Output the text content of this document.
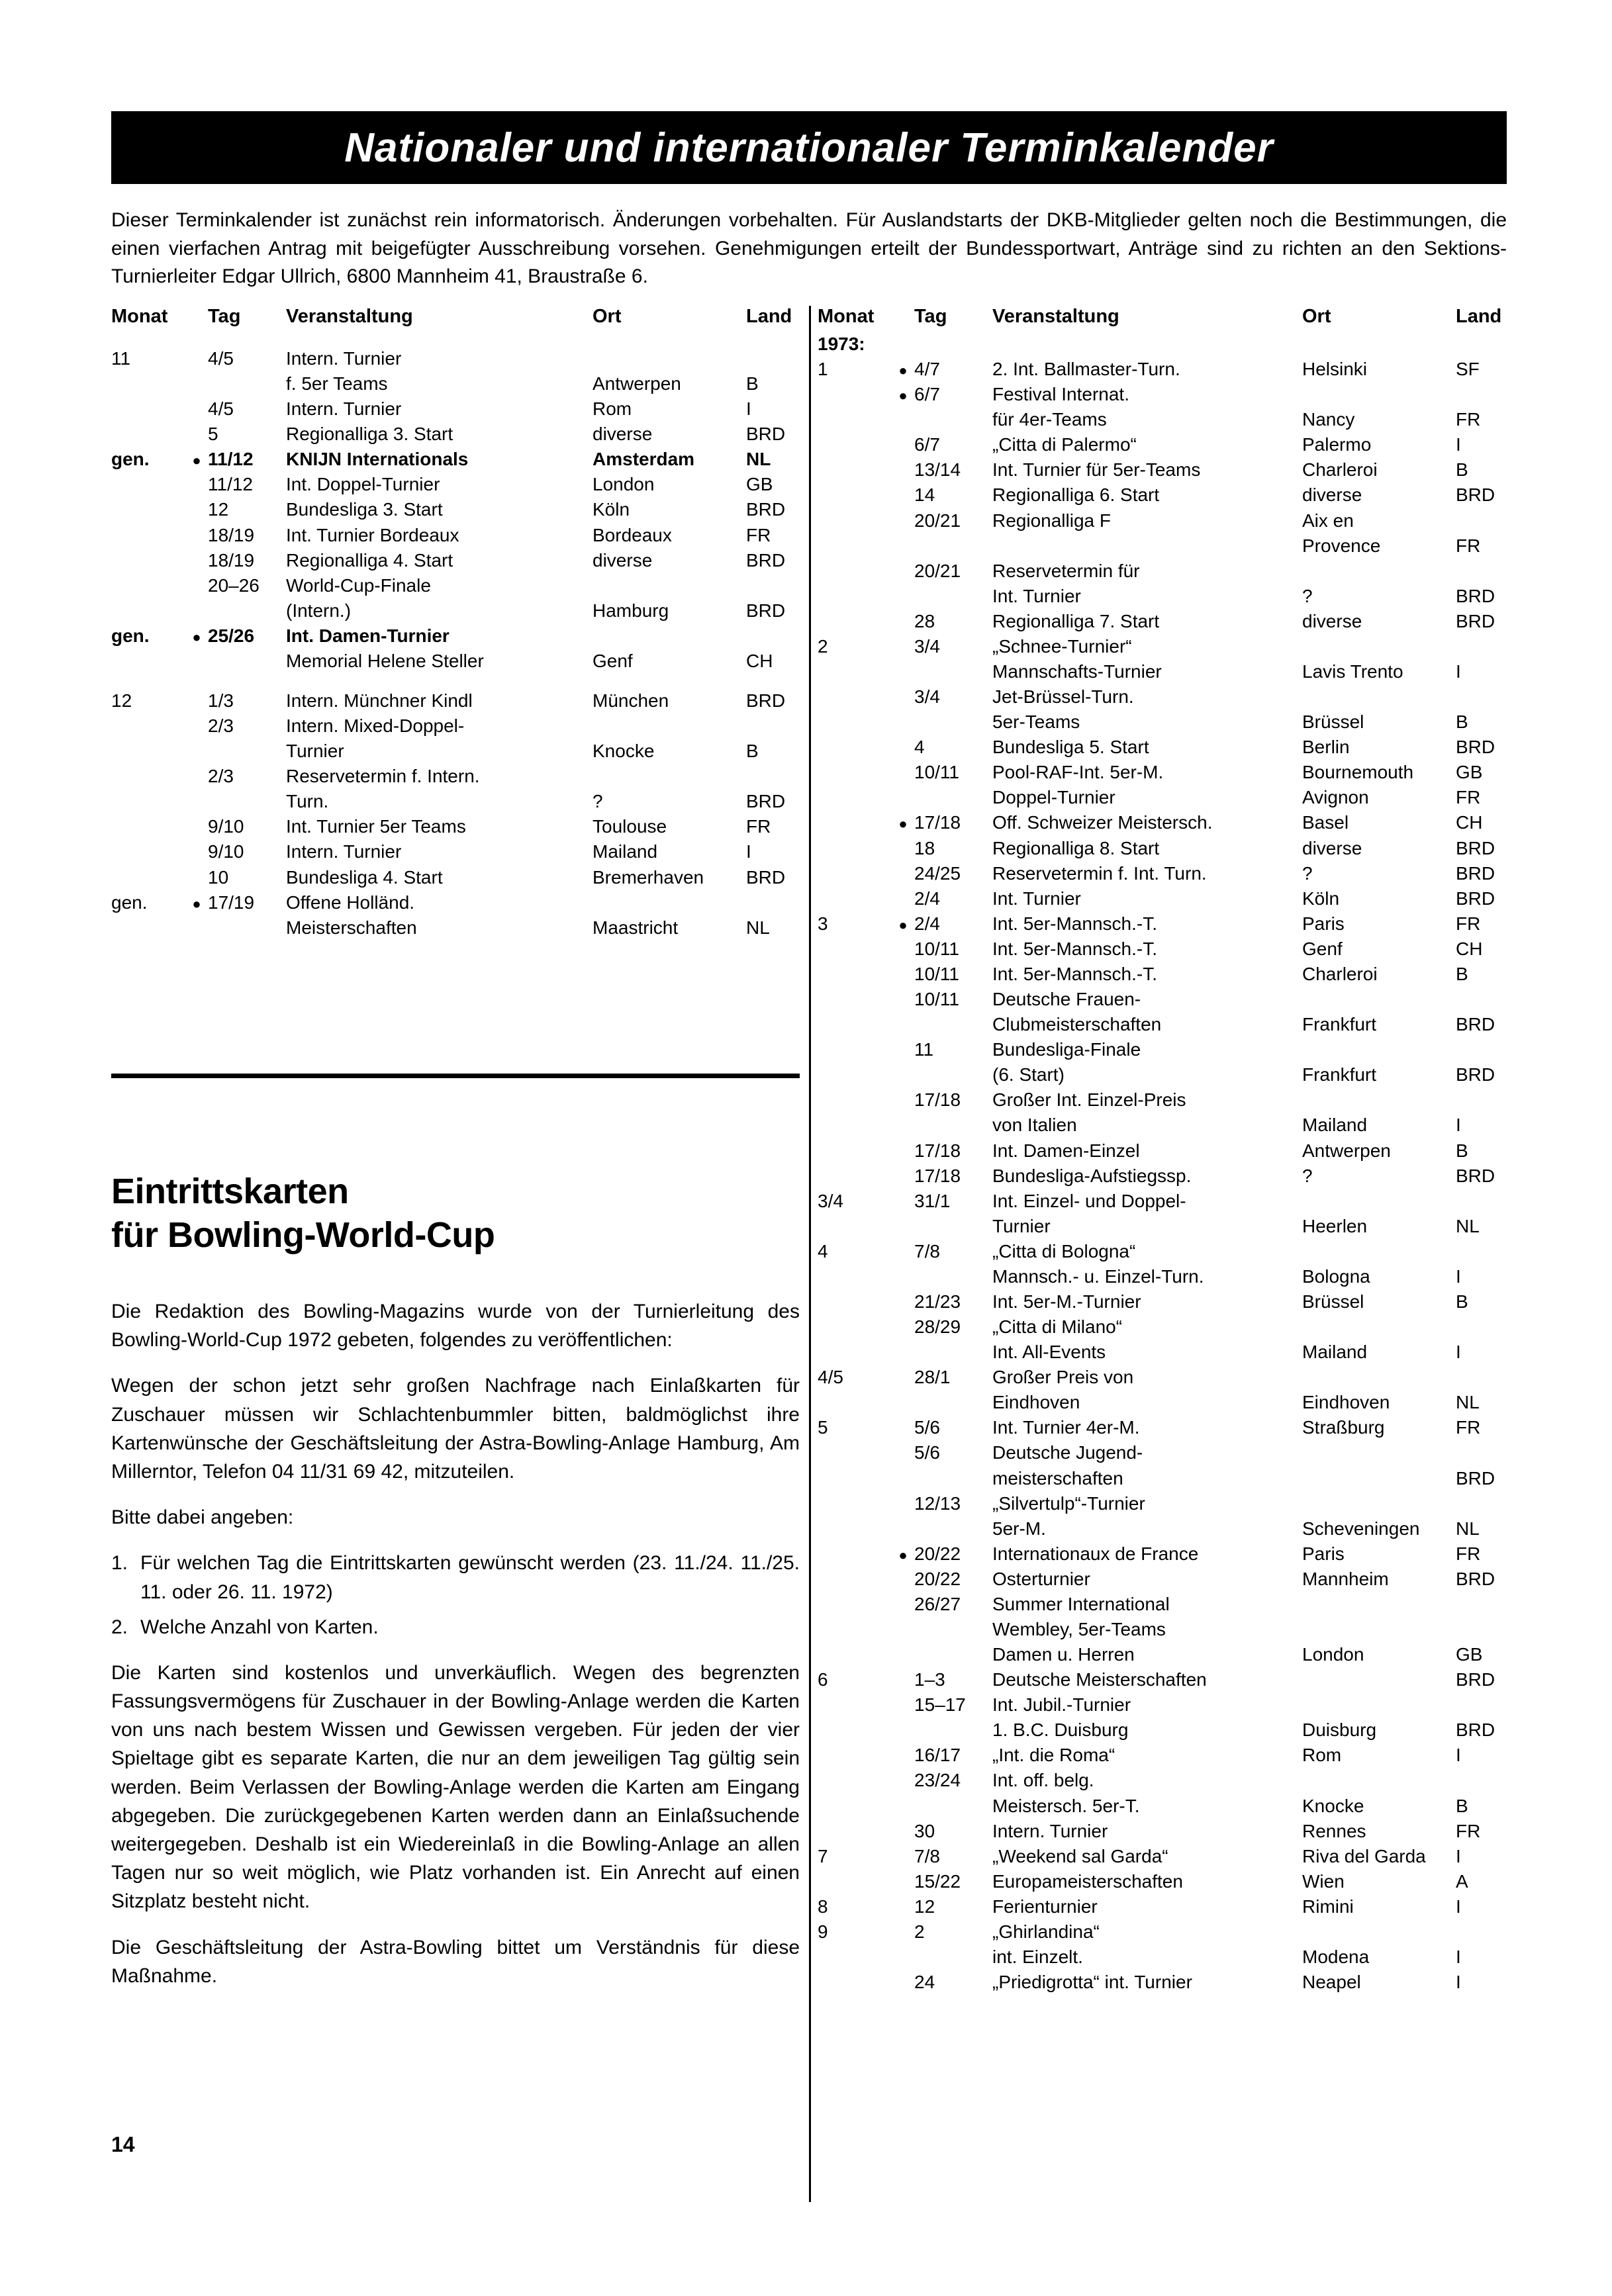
Nationaler und internationaler Terminkalender
Dieser Terminkalender ist zunächst rein informatorisch. Änderungen vorbehalten. Für Auslandstarts der DKB-Mitglieder gelten noch die Bestimmungen, die einen vierfachen Antrag mit beigefügter Ausschreibung vorsehen. Genehmigungen erteilt der Bundessportwart, Anträge sind zu richten an den Sektions-Turnierleiter Edgar Ullrich, 6800 Mannheim 41, Braustraße 6.
Monat		Tag	Veranstaltung	Ort	Land

11		4/5	Intern. Turnier		
			f. 5er Teams	Antwerpen	B
		4/5	Intern. Turnier	Rom	I
		5	Regionalliga 3. Start	diverse	BRD
gen.	●	11/12	KNIJN Internationals	Amsterdam	NL
		11/12	Int. Doppel-Turnier	London	GB
		12	Bundesliga 3. Start	Köln	BRD
		18/19	Int. Turnier Bordeaux	Bordeaux	FR
		18/19	Regionalliga 4. Start	diverse	BRD
		20–26	World-Cup-Finale		
			(Intern.)	Hamburg	BRD
gen.	●	25/26	Int. Damen-Turnier		
			Memorial Helene Steller	Genf	CH

12		1/3	Intern. Münchner Kindl	München	BRD
		2/3	Intern. Mixed-Doppel-		
			Turnier	Knocke	B
		2/3	Reservetermin f. Intern.		
			Turn.	?	BRD
		9/10	Int. Turnier 5er Teams	Toulouse	FR
		9/10	Intern. Turnier	Mailand	I
		10	Bundesliga 4. Start	Bremerhaven	BRD
gen.	●	17/19	Offene Holländ.		
			Meisterschaften	Maastricht	NL
Monat		Tag	Veranstaltung	Ort	Land
1973:					
1	●	4/7	2. Int. Ballmaster-Turn.	Helsinki	SF
	●	6/7	Festival Internat.		
			für 4er-Teams	Nancy	FR
		6/7	„Citta di Palermo“	Palermo	I
		13/14	Int. Turnier für 5er-Teams	Charleroi	B
		14	Regionalliga 6. Start	diverse	BRD
		20/21	Regionalliga F	Aix en	
				Provence	FR
		20/21	Reservetermin für		
			Int. Turnier	?	BRD
		28	Regionalliga 7. Start	diverse	BRD
2		3/4	„Schnee-Turnier“		
			Mannschafts-Turnier	Lavis Trento	I
		3/4	Jet-Brüssel-Turn.		
			5er-Teams	Brüssel	B
		4	Bundesliga 5. Start	Berlin	BRD
		10/11	Pool-RAF-Int. 5er-M.	Bournemouth	GB
			Doppel-Turnier	Avignon	FR
	●	17/18	Off. Schweizer Meistersch.	Basel	CH
		18	Regionalliga 8. Start	diverse	BRD
		24/25	Reservetermin f. Int. Turn.	?	BRD
		2/4	Int. Turnier	Köln	BRD
3	●	2/4	Int. 5er-Mannsch.-T.	Paris	FR
		10/11	Int. 5er-Mannsch.-T.	Genf	CH
		10/11	Int. 5er-Mannsch.-T.	Charleroi	B
		10/11	Deutsche Frauen-		
			Clubmeisterschaften	Frankfurt	BRD
		11	Bundesliga-Finale		
			(6. Start)	Frankfurt	BRD
		17/18	Großer Int. Einzel-Preis		
			von Italien	Mailand	I
		17/18	Int. Damen-Einzel	Antwerpen	B
		17/18	Bundesliga-Aufstiegssp.	?	BRD
3/4		31/1	Int. Einzel- und Doppel-		
			Turnier	Heerlen	NL
4		7/8	„Citta di Bologna“		
			Mannsch.- u. Einzel-Turn.	Bologna	I
		21/23	Int. 5er-M.-Turnier	Brüssel	B
		28/29	„Citta di Milano“		
			Int. All-Events	Mailand	I
4/5		28/1	Großer Preis von		
			Eindhoven	Eindhoven	NL
5		5/6	Int. Turnier 4er-M.	Straßburg	FR
		5/6	Deutsche Jugend-		
			meisterschaften		BRD
		12/13	„Silvertulp“-Turnier		
			5er-M.	Scheveningen	NL
	●	20/22	Internationaux de France	Paris	FR
		20/22	Osterturnier	Mannheim	BRD
		26/27	Summer International		
			Wembley, 5er-Teams		
			Damen u. Herren	London	GB
6		1–3	Deutsche Meisterschaften		BRD
		15–17	Int. Jubil.-Turnier		
			1. B.C. Duisburg	Duisburg	BRD
		16/17	„Int. die Roma“	Rom	I
		23/24	Int. off. belg.		
			Meistersch. 5er-T.	Knocke	B
		30	Intern. Turnier	Rennes	FR
7		7/8	„Weekend sal Garda“	Riva del Garda	I
		15/22	Europameisterschaften	Wien	A
8		12	Ferienturnier	Rimini	I
9		2	„Ghirlandina“		
			int. Einzelt.	Modena	I
		24	„Priedigrotta“ int. Turnier	Neapel	I
Eintrittskarten
für Bowling-World-Cup

Die Redaktion des Bowling-Magazins wurde von der Turnierleitung des Bowling-World-Cup 1972 gebeten, folgendes zu veröffentlichen:

Wegen der schon jetzt sehr großen Nachfrage nach Einlaßkarten für Zuschauer müssen wir Schlachtenbummler bitten, baldmöglichst ihre Kartenwünsche der Geschäftsleitung der Astra-Bowling-Anlage Hamburg, Am Millerntor, Telefon 04 11/31 69 42, mitzuteilen.

Bitte dabei angeben:

1. Für welchen Tag die Eintrittskarten gewünscht werden (23. 11./24. 11./25. 11. oder 26. 11. 1972)
2. Welche Anzahl von Karten.

Die Karten sind kostenlos und unverkäuflich. Wegen des begrenzten Fassungsvermögens für Zuschauer in der Bowling-Anlage werden die Karten von uns nach bestem Wissen und Gewissen vergeben. Für jeden der vier Spieltage gibt es separate Karten, die nur an dem jeweiligen Tag gültig sein werden. Beim Verlassen der Bowling-Anlage werden die Karten am Eingang abgegeben. Die zurückgegebenen Karten werden dann an Einlaßsuchende weitergegeben. Deshalb ist ein Wiedereinlaß in die Bowling-Anlage an allen Tagen nur so weit möglich, wie Platz vorhanden ist. Ein Anrecht auf einen Sitzplatz besteht nicht.

Die Geschäftsleitung der Astra-Bowling bittet um Verständnis für diese Maßnahme.

14
